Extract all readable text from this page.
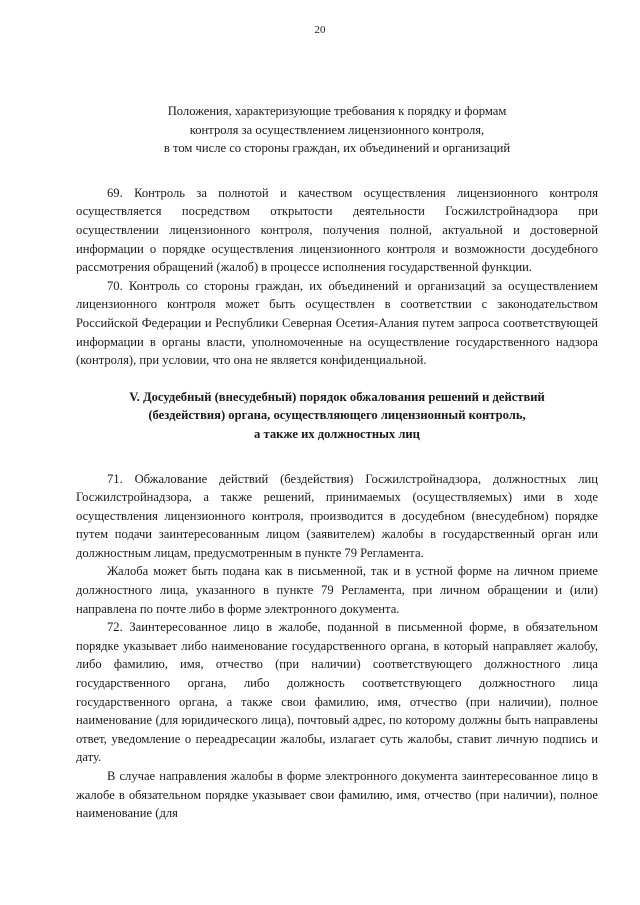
20
Положения, характеризующие требования к порядку и формам
контроля за осуществлением лицензионного контроля,
в том числе со стороны граждан, их объединений и организаций

69. Контроль за полнотой и качеством осуществления лицензионного контроля осуществляется посредством открытости деятельности Госжилстройнадзора при осуществлении лицензионного контроля, получения полной, актуальной и достоверной информации о порядке осуществления лицензионного контроля и возможности досудебного рассмотрения обращений (жалоб) в процессе исполнения государственной функции.

70. Контроль со стороны граждан, их объединений и организаций за осуществлением лицензионного контроля может быть осуществлен в соответствии с законодательством Российской Федерации и Республики Северная Осетия-Алания путем запроса соответствующей информации в органы власти, уполномоченные на осуществление государственного надзора (контроля), при условии, что она не является конфиденциальной.

V. Досудебный (внесудебный) порядок обжалования решений и действий
(бездействия) органа, осуществляющего лицензионный контроль,
а также их должностных лиц

71. Обжалование действий (бездействия) Госжилстройнадзора, должностных лиц Госжилстройнадзора, а также решений, принимаемых (осуществляемых) ими в ходе осуществления лицензионного контроля, производится в досудебном (внесудебном) порядке путем подачи заинтересованным лицом (заявителем) жалобы в государственный орган или должностным лицам, предусмотренным в пункте 79 Регламента.

Жалоба может быть подана как в письменной, так и в устной форме на личном приеме должностного лица, указанного в пункте 79 Регламента, при личном обращении и (или) направлена по почте либо в форме электронного документа.

72. Заинтересованное лицо в жалобе, поданной в письменной форме, в обязательном порядке указывает либо наименование государственного органа, в который направляет жалобу, либо фамилию, имя, отчество (при наличии) соответствующего должностного лица государственного органа, либо должность соответствующего должностного лица государственного органа, а также свои фамилию, имя, отчество (при наличии), полное наименование (для юридического лица), почтовый адрес, по которому должны быть направлены ответ, уведомление о переадресации жалобы, излагает суть жалобы, ставит личную подпись и дату.

В случае направления жалобы в форме электронного документа заинтересованное лицо в жалобе в обязательном порядке указывает свои фамилию, имя, отчество (при наличии), полное наименование (для
